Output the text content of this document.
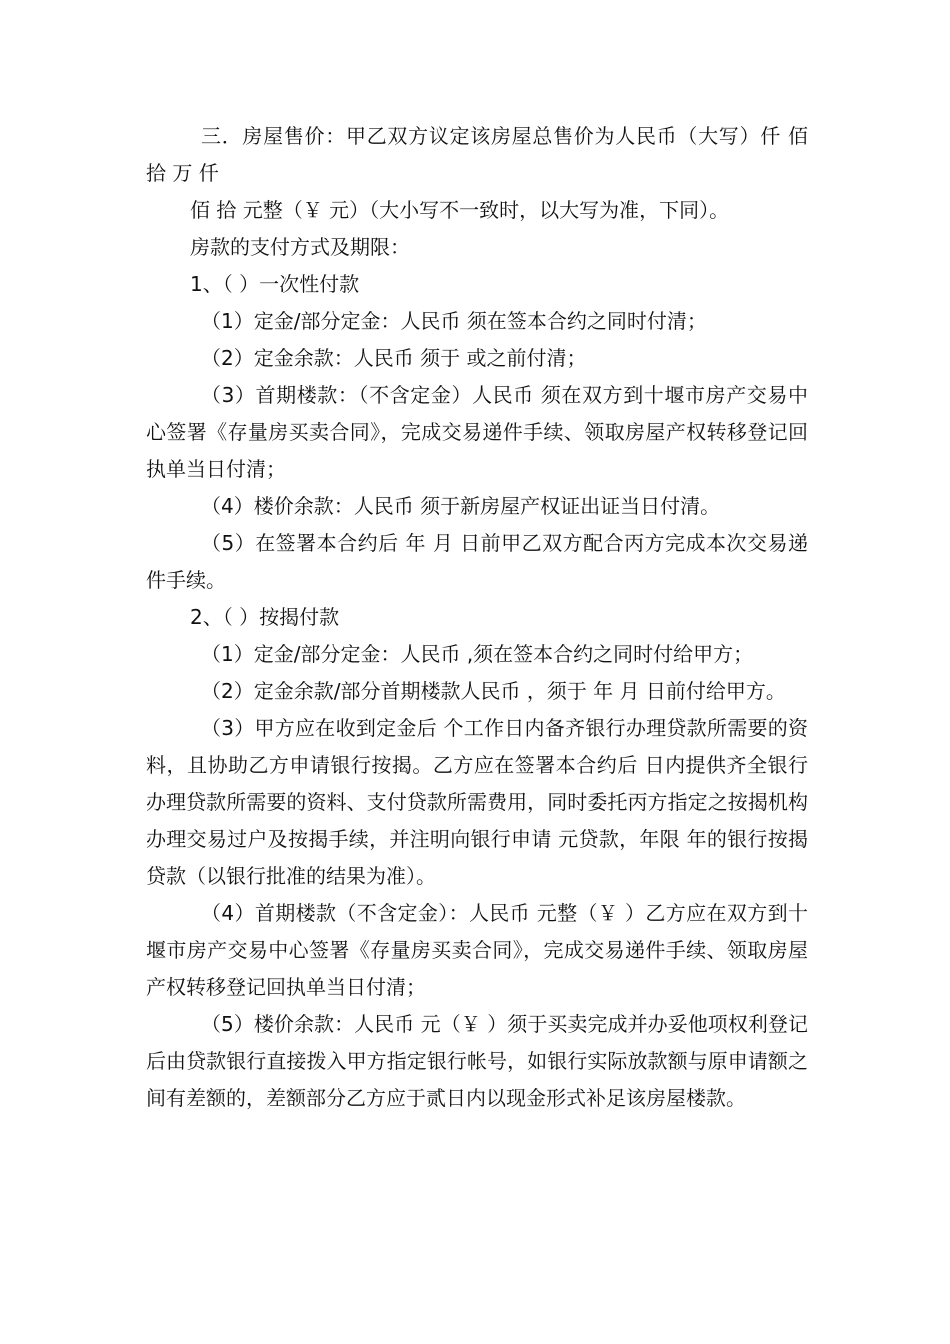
三．房屋售价：甲乙双方议定该房屋总售价为人民币（大写）仟 佰 拾 万 仟

佰 拾 元整（￥ 元）（大小写不一致时，以大写为准，下同）。

房款的支付方式及期限：

1、（ ）一次性付款

（1）定金/部分定金：人民币 须在签本合约之同时付清；

（2）定金余款：人民币 须于 或之前付清；

（3）首期楼款：（不含定金）人民币 须在双方到十堰市房产交易中心签署《存量房买卖合同》，完成交易递件手续、领取房屋产权转移登记回执单当日付清；

（4）楼价余款：人民币 须于新房屋产权证出证当日付清。

（5）在签署本合约后 年 月 日前甲乙双方配合丙方完成本次交易递件手续。

2、（ ）按揭付款

（1）定金/部分定金：人民币 ,须在签本合约之同时付给甲方；

（2）定金余款/部分首期楼款人民币 ，须于 年 月 日前付给甲方。

（3）甲方应在收到定金后 个工作日内备齐银行办理贷款所需要的资料，且协助乙方申请银行按揭。乙方应在签署本合约后 日内提供齐全银行办理贷款所需要的资料、支付贷款所需费用，同时委托丙方指定之按揭机构办理交易过户及按揭手续，并注明向银行申请 元贷款，年限 年的银行按揭贷款（以银行批准的结果为准）。

（4）首期楼款（不含定金）：人民币 元整（￥ ）乙方应在双方到十堰市房产交易中心签署《存量房买卖合同》，完成交易递件手续、领取房屋产权转移登记回执单当日付清；

（5）楼价余款：人民币 元（￥ ）须于买卖完成并办妥他项权利登记后由贷款银行直接拨入甲方指定银行帐号，如银行实际放款额与原申请额之间有差额的，差额部分乙方应于贰日内以现金形式补足该房屋楼款。
